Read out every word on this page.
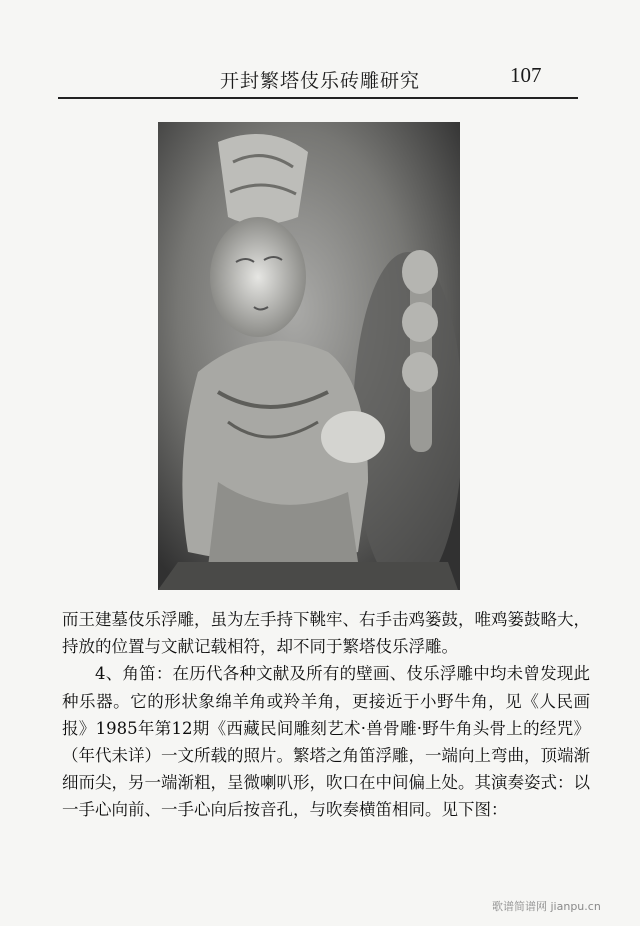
开封繁塔伎乐砖雕研究	107

而王建墓伎乐浮雕，虽为左手持下鞉牢、右手击鸡篓鼓，唯鸡篓鼓略大，持放的位置与文献记载相符，却不同于繁塔伎乐浮雕。

4、角笛：在历代各种文献及所有的壁画、伎乐浮雕中均未曾发现此种乐器。它的形状象绵羊角或羚羊角，更接近于小野牛角，见《人民画报》1985年第12期《西藏民间雕刻艺术·兽骨雕·野牛角头骨上的经咒》（年代未详）一文所载的照片。繁塔之角笛浮雕，一端向上弯曲，顶端渐细而尖，另一端渐粗，呈微喇叭形，吹口在中间偏上处。其演奏姿式：以一手心向前、一手心向后按音孔，与吹奏横笛相同。见下图：

歌谱简谱网 jianpu.cn
